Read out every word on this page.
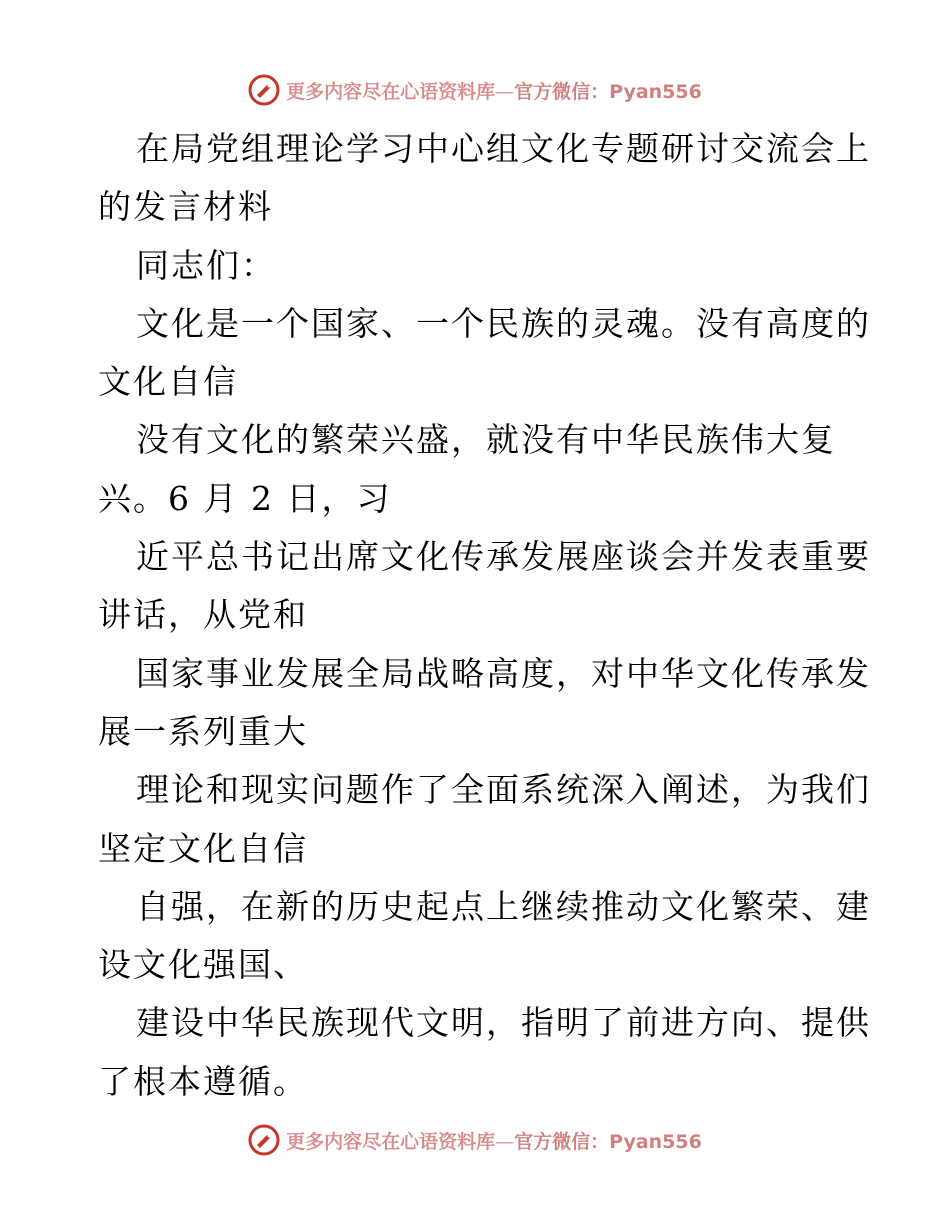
更多内容尽在心语资料库—官方微信：Pyan556
在局党组理论学习中心组文化专题研讨交流会上
的发言材料
同志们：
文化是一个国家、一个民族的灵魂。没有高度的
文化自信
没有文化的繁荣兴盛，就没有中华民族伟大复
兴。6 月 2 日，习
近平总书记出席文化传承发展座谈会并发表重要
讲话，从党和
国家事业发展全局战略高度，对中华文化传承发
展一系列重大
理论和现实问题作了全面系统深入阐述，为我们
坚定文化自信
自强，在新的历史起点上继续推动文化繁荣、建
设文化强国、
建设中华民族现代文明，指明了前进方向、提供
了根本遵循。
更多内容尽在心语资料库—官方微信：Pyan556
